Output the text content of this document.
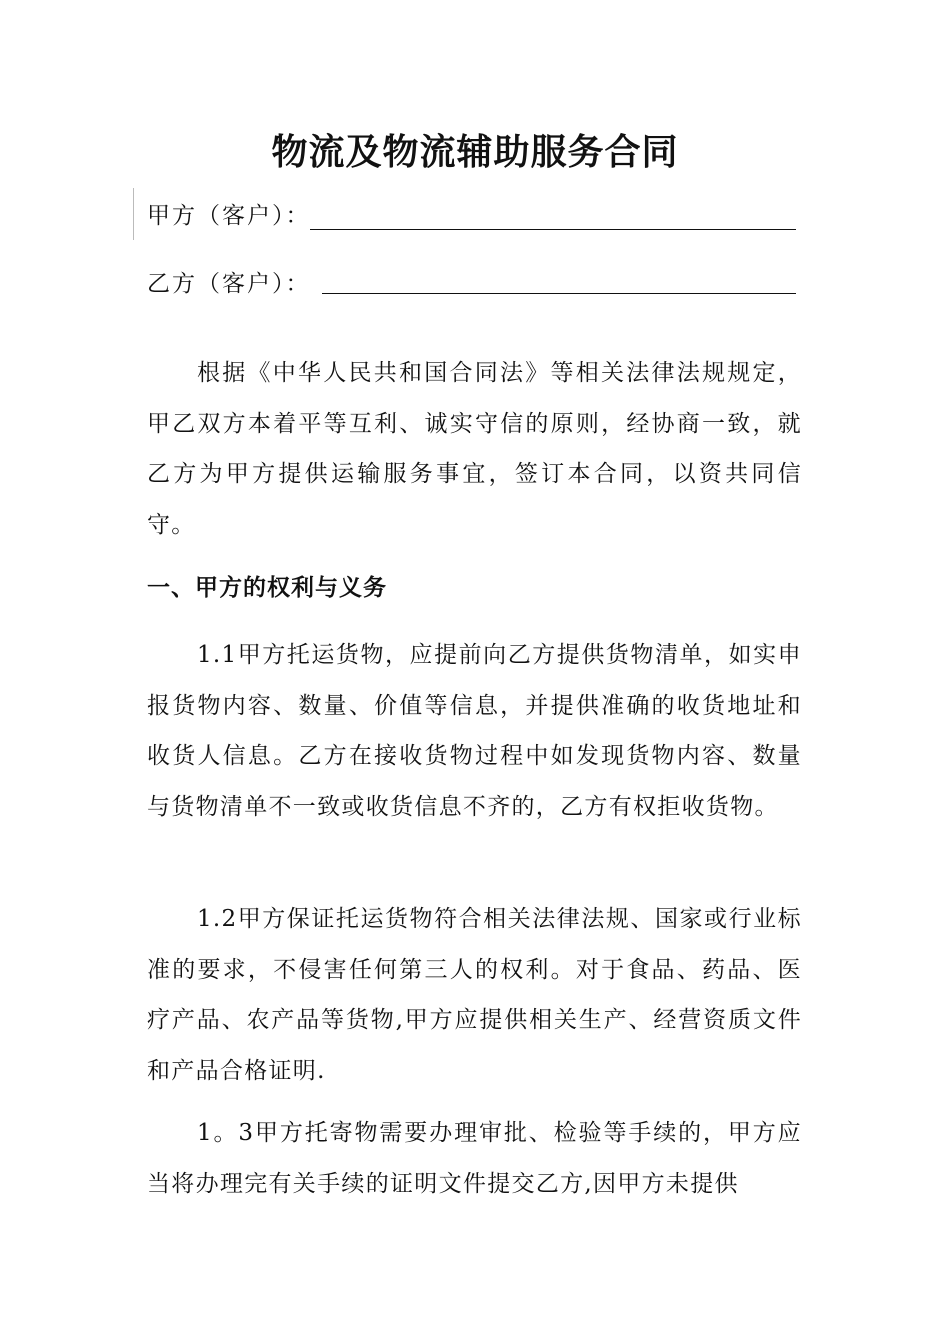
物流及物流辅助服务合同
甲方（客户）：
乙方（客户）：

根据《中华人民共和国合同法》等相关法律法规规定，甲乙双方本着平等互利、诚实守信的原则，经协商一致，就乙方为甲方提供运输服务事宜，签订本合同，以资共同信守。

一、甲方的权利与义务

1.1甲方托运货物，应提前向乙方提供货物清单，如实申报货物内容、数量、价值等信息，并提供准确的收货地址和收货人信息。乙方在接收货物过程中如发现货物内容、数量与货物清单不一致或收货信息不齐的，乙方有权拒收货物。

1.2甲方保证托运货物符合相关法律法规、国家或行业标准的要求，不侵害任何第三人的权利。对于食品、药品、医疗产品、农产品等货物,甲方应提供相关生产、经营资质文件和产品合格证明.

1。3甲方托寄物需要办理审批、检验等手续的，甲方应当将办理完有关手续的证明文件提交乙方,因甲方未提供
